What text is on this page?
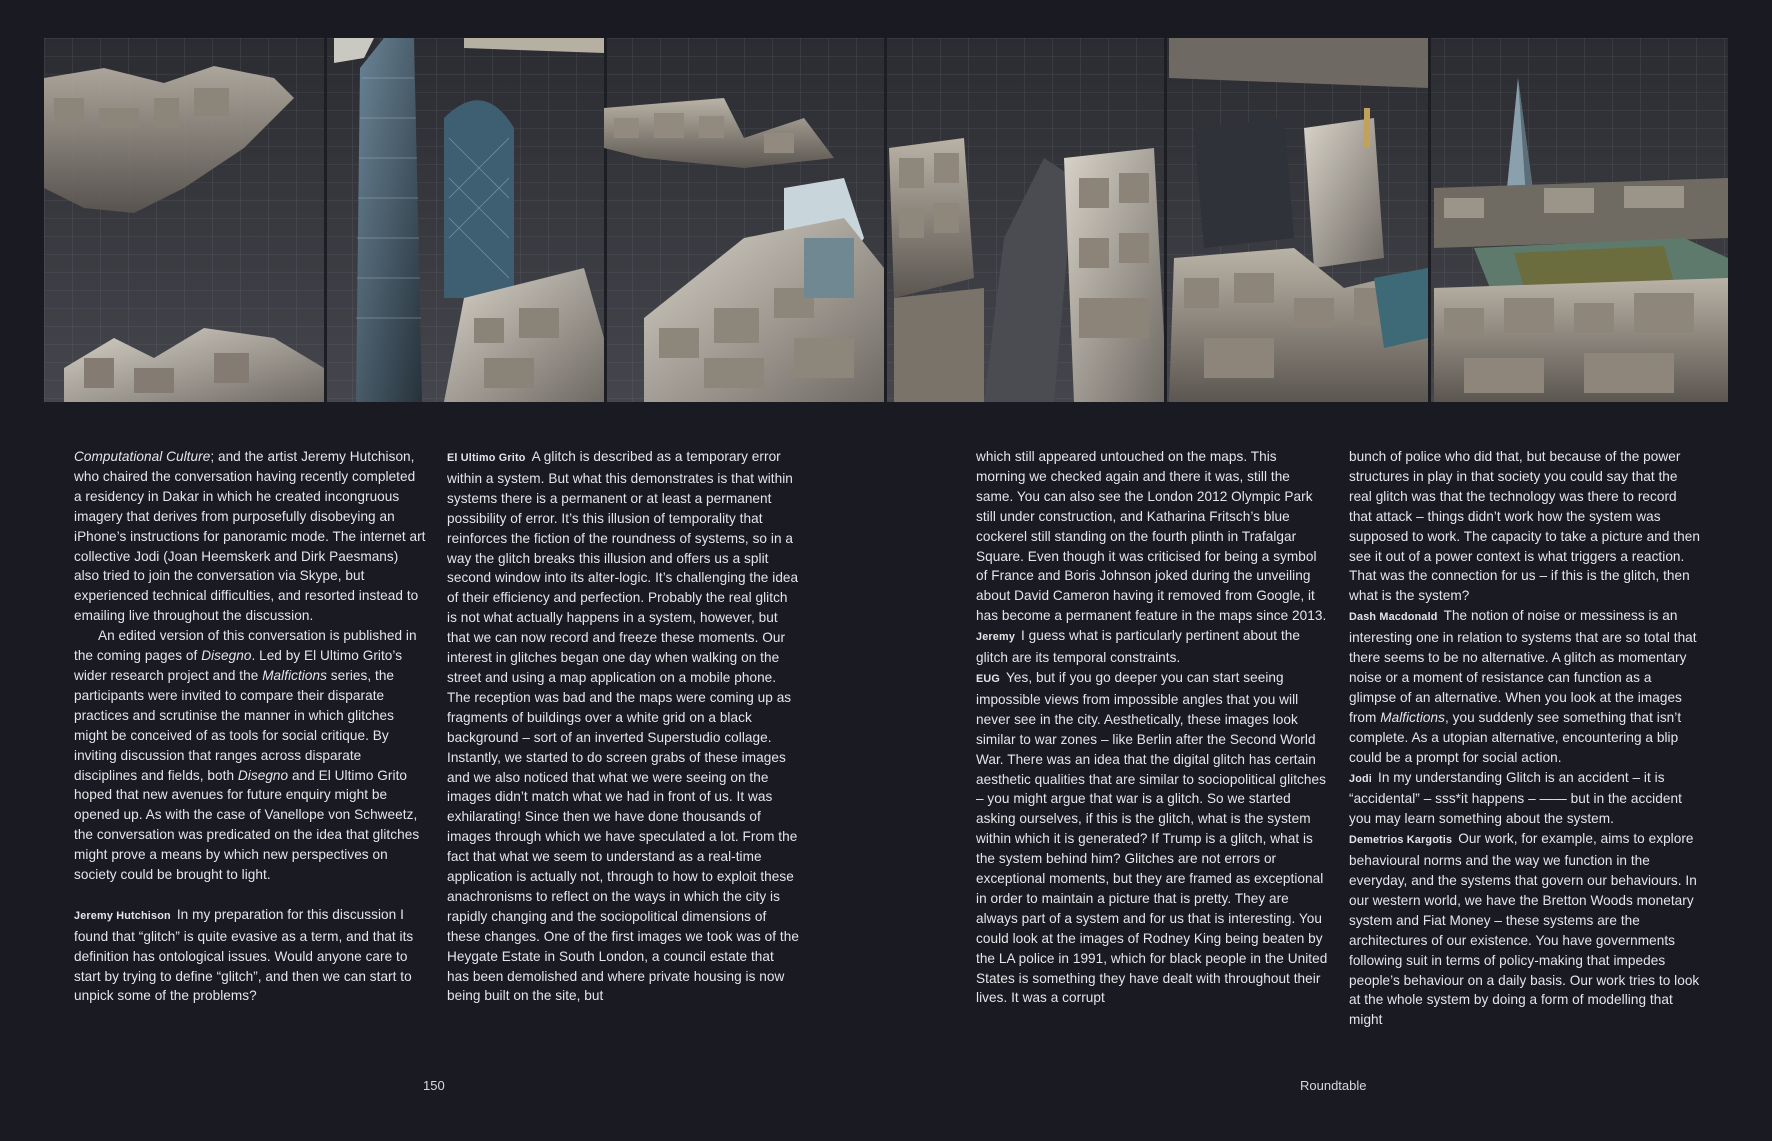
Computational Culture; and the artist Jeremy Hutchison, who chaired the conversation having recently completed a residency in Dakar in which he created incongruous imagery that derives from purposefully disobeying an iPhone’s instructions for panoramic mode. The internet art collective Jodi (Joan Heemskerk and Dirk Paesmans) also tried to join the conversation via Skype, but experienced technical difficulties, and resorted instead to emailing live throughout the discussion.

An edited version of this conversation is published in the coming pages of Disegno. Led by El Ultimo Grito’s wider research project and the Malfictions series, the participants were invited to compare their disparate practices and scrutinise the manner in which glitches might be conceived of as tools for social critique. By inviting discussion that ranges across disparate disciplines and fields, both Disegno and El Ultimo Grito hoped that new avenues for future enquiry might be opened up. As with the case of Vanellope von Schweetz, the conversation was predicated on the idea that glitches might prove a means by which new perspectives on society could be brought to light.

Jeremy Hutchison In my preparation for this discussion I found that “glitch” is quite evasive as a term, and that its definition has ontological issues. Would anyone care to start by trying to define “glitch”, and then we can start to unpick some of the problems?

El Ultimo Grito A glitch is described as a temporary error within a system. But what this demonstrates is that within systems there is a permanent or at least a permanent possibility of error. It’s this illusion of temporality that reinforces the fiction of the roundness of systems, so in a way the glitch breaks this illusion and offers us a split second window into its alter-logic. It’s challenging the idea of their efficiency and perfection. Probably the real glitch is not what actually happens in a system, however, but that we can now record and freeze these moments. Our interest in glitches began one day when walking on the street and using a map application on a mobile phone. The reception was bad and the maps were coming up as fragments of buildings over a white grid on a black background – sort of an inverted Superstudio collage. Instantly, we started to do screen grabs of these images and we also noticed that what we were seeing on the images didn’t match what we had in front of us. It was exhilarating! Since then we have done thousands of images through which we have speculated a lot. From the fact that what we seem to understand as a real-time application is actually not, through to how to exploit these anachronisms to reflect on the ways in which the city is rapidly changing and the sociopolitical dimensions of these changes. One of the first images we took was of the Heygate Estate in South London, a council estate that has been demolished and where private housing is now being built on the site, but

which still appeared untouched on the maps. This morning we checked again and there it was, still the same. You can also see the London 2012 Olympic Park still under construction, and Katharina Fritsch’s blue cockerel still standing on the fourth plinth in Trafalgar Square. Even though it was criticised for being a symbol of France and Boris Johnson joked during the unveiling about David Cameron having it removed from Google, it has become a permanent feature in the maps since 2013.

Jeremy I guess what is particularly pertinent about the glitch are its temporal constraints.

EUG Yes, but if you go deeper you can start seeing impossible views from impossible angles that you will never see in the city. Aesthetically, these images look similar to war zones – like Berlin after the Second World War. There was an idea that the digital glitch has certain aesthetic qualities that are similar to sociopolitical glitches – you might argue that war is a glitch. So we started asking ourselves, if this is the glitch, what is the system within which it is generated? If Trump is a glitch, what is the system behind him? Glitches are not errors or exceptional moments, but they are framed as exceptional in order to maintain a picture that is pretty. They are always part of a system and for us that is interesting. You could look at the images of Rodney King being beaten by the LA police in 1991, which for black people in the United States is something they have dealt with throughout their lives. It was a corrupt

bunch of police who did that, but because of the power structures in play in that society you could say that the real glitch was that the technology was there to record that attack – things didn’t work how the system was supposed to work. The capacity to take a picture and then see it out of a power context is what triggers a reaction. That was the connection for us – if this is the glitch, then what is the system?

Dash Macdonald The notion of noise or messiness is an interesting one in relation to systems that are so total that there seems to be no alternative. A glitch as momentary noise or a moment of resistance can function as a glimpse of an alternative. When you look at the images from Malfictions, you suddenly see something that isn’t complete. As a utopian alternative, encountering a blip could be a prompt for social action.

Jodi In my understanding Glitch is an accident – it is “accidental” – sss*it happens – —— but in the accident you may learn something about the system.

Demetrios Kargotis Our work, for example, aims to explore behavioural norms and the way we function in the everyday, and the systems that govern our behaviours. In our western world, we have the Bretton Woods monetary system and Fiat Money – these systems are the architectures of our existence. You have governments following suit in terms of policy-making that impedes people’s behaviour on a daily basis. Our work tries to look at the whole system by doing a form of modelling that might

150	Roundtable
